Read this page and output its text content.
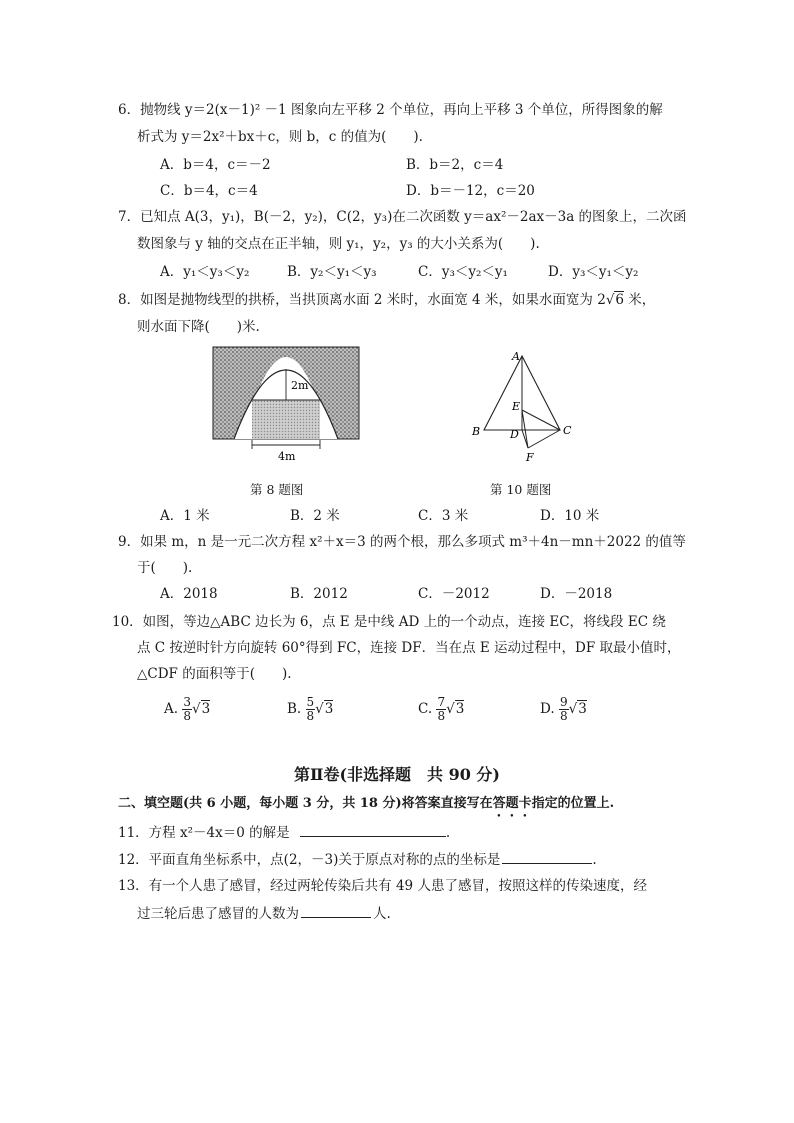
6．抛物线 y＝2(x－1)² －1 图象向左平移 2 个单位，再向上平移 3 个单位，所得图象的解
析式为 y＝2x²＋bx＋c，则 b，c 的值为(　　).
A．b＝4，c＝－2	B．b＝2，c＝4
C．b＝4，c＝4	D．b＝－12，c＝20
7．已知点 A(3，y₁)，B(－2，y₂)，C(2，y₃)在二次函数 y＝ax²－2ax－3a 的图象上，二次函
数图象与 y 轴的交点在正半轴，则 y₁，y₂，y₃ 的大小关系为(　　).
A．y₁＜y₃＜y₂	B．y₂＜y₁＜y₃	C．y₃＜y₂＜y₁	D．y₃＜y₁＜y₂
8．如图是抛物线型的拱桥，当拱顶离水面 2 米时，水面宽 4 米，如果水面宽为 2√6 米，
则水面下降(　　)米.
2m
4m
第 8 题图
A
E
B	D	C
F
第 10 题图
A．1 米	B．2 米	C．3 米	D．10 米
9．如果 m，n 是一元二次方程 x²＋x＝3 的两个根，那么多项式 m³＋4n－mn＋2022 的值等
于(　　).
A．2018	B．2012	C．－2012	D．－2018
10．如图，等边△ABC 边长为 6，点 E 是中线 AD 上的一个动点，连接 EC，将线段 EC 绕
点 C 按逆时针方向旋转 60°得到 FC，连接 DF．当在点 E 运动过程中，DF 取最小值时，
△CDF 的面积等于(　　).
A. $\frac{3}{8} √3$	B. $\frac{5}{8} √3$	C. $\frac{7}{8} √3$	D. $\frac{9}{8} √3$
第Ⅱ卷(非选择题　共 90 分)
二、填空题(共 6 小题，每小题 3 分，共 18 分)将答案直接写在答题卡指定的位置上.
11．方程 x²－4x＝0 的解是	.
12．平面直角坐标系中，点(2，－3)关于原点对称的点的坐标是	.
13．有一个人患了感冒，经过两轮传染后共有 49 人患了感冒，按照这样的传染速度，经
过三轮后患了感冒的人数为	人.
